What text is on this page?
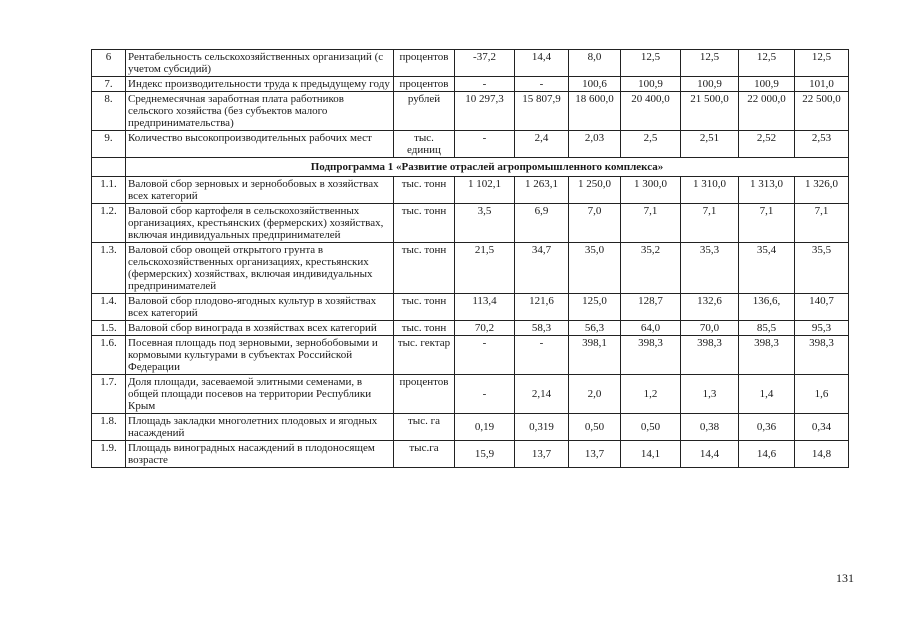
6	Рентабельность сельскохозяйственных организаций (с учетом субсидий)	процентов	-37,2	14,4	8,0	12,5	12,5	12,5	12,5
7.	Индекс производительности труда к предыдущему году	процентов	-	-	100,6	100,9	100,9	100,9	101,0
8.	Среднемесячная заработная плата работников сельского хозяйства (без субъектов малого предпринимательства)	рублей	10 297,3	15 807,9	18 600,0	20 400,0	21 500,0	22 000,0	22 500,0
9.	Количество высокопроизводительных рабочих мест	тыс. единиц	-	2,4	2,03	2,5	2,51	2,52	2,53
	Подпрограмма 1 «Развитие отраслей агропромышленного комплекса»								
1.1.	Валовой сбор зерновых и зернобобовых в хозяйствах всех категорий	тыс. тонн	1 102,1	1 263,1	1 250,0	1 300,0	1 310,0	1 313,0	1 326,0
1.2.	Валовой сбор картофеля в сельскохозяйственных организациях, крестьянских (фермерских) хозяйствах, включая индивидуальных предпринимателей	тыс. тонн	3,5	6,9	7,0	7,1	7,1	7,1	7,1
1.3.	Валовой сбор овощей открытого грунта в сельскохозяйственных организациях, крестьянских (фермерских) хозяйствах, включая индивидуальных предпринимателей	тыс. тонн	21,5	34,7	35,0	35,2	35,3	35,4	35,5
1.4.	Валовой сбор плодово-ягодных культур в хозяйствах всех категорий	тыс. тонн	113,4	121,6	125,0	128,7	132,6	136,6,	140,7
1.5.	Валовой сбор винограда в хозяйствах всех категорий	тыс. тонн	70,2	58,3	56,3	64,0	70,0	85,5	95,3
1.6.	Посевная площадь под зерновыми, зернобобовыми и кормовыми культурами в субъектах Российской Федерации	тыс. гектар	-	-	398,1	398,3	398,3	398,3	398,3
1.7.	Доля площади, засеваемой элитными семенами, в общей площади посевов на территории Республики Крым	процентов	-	2,14	2,0	1,2	1,3	1,4	1,6
1.8.	Площадь закладки многолетних плодовых и ягодных насаждений	тыс. га	0,19	0,319	0,50	0,50	0,38	0,36	0,34
1.9.	Площадь виноградных насаждений в плодоносящем возрасте	тыс.га	15,9	13,7	13,7	14,1	14,4	14,6	14,8
131
